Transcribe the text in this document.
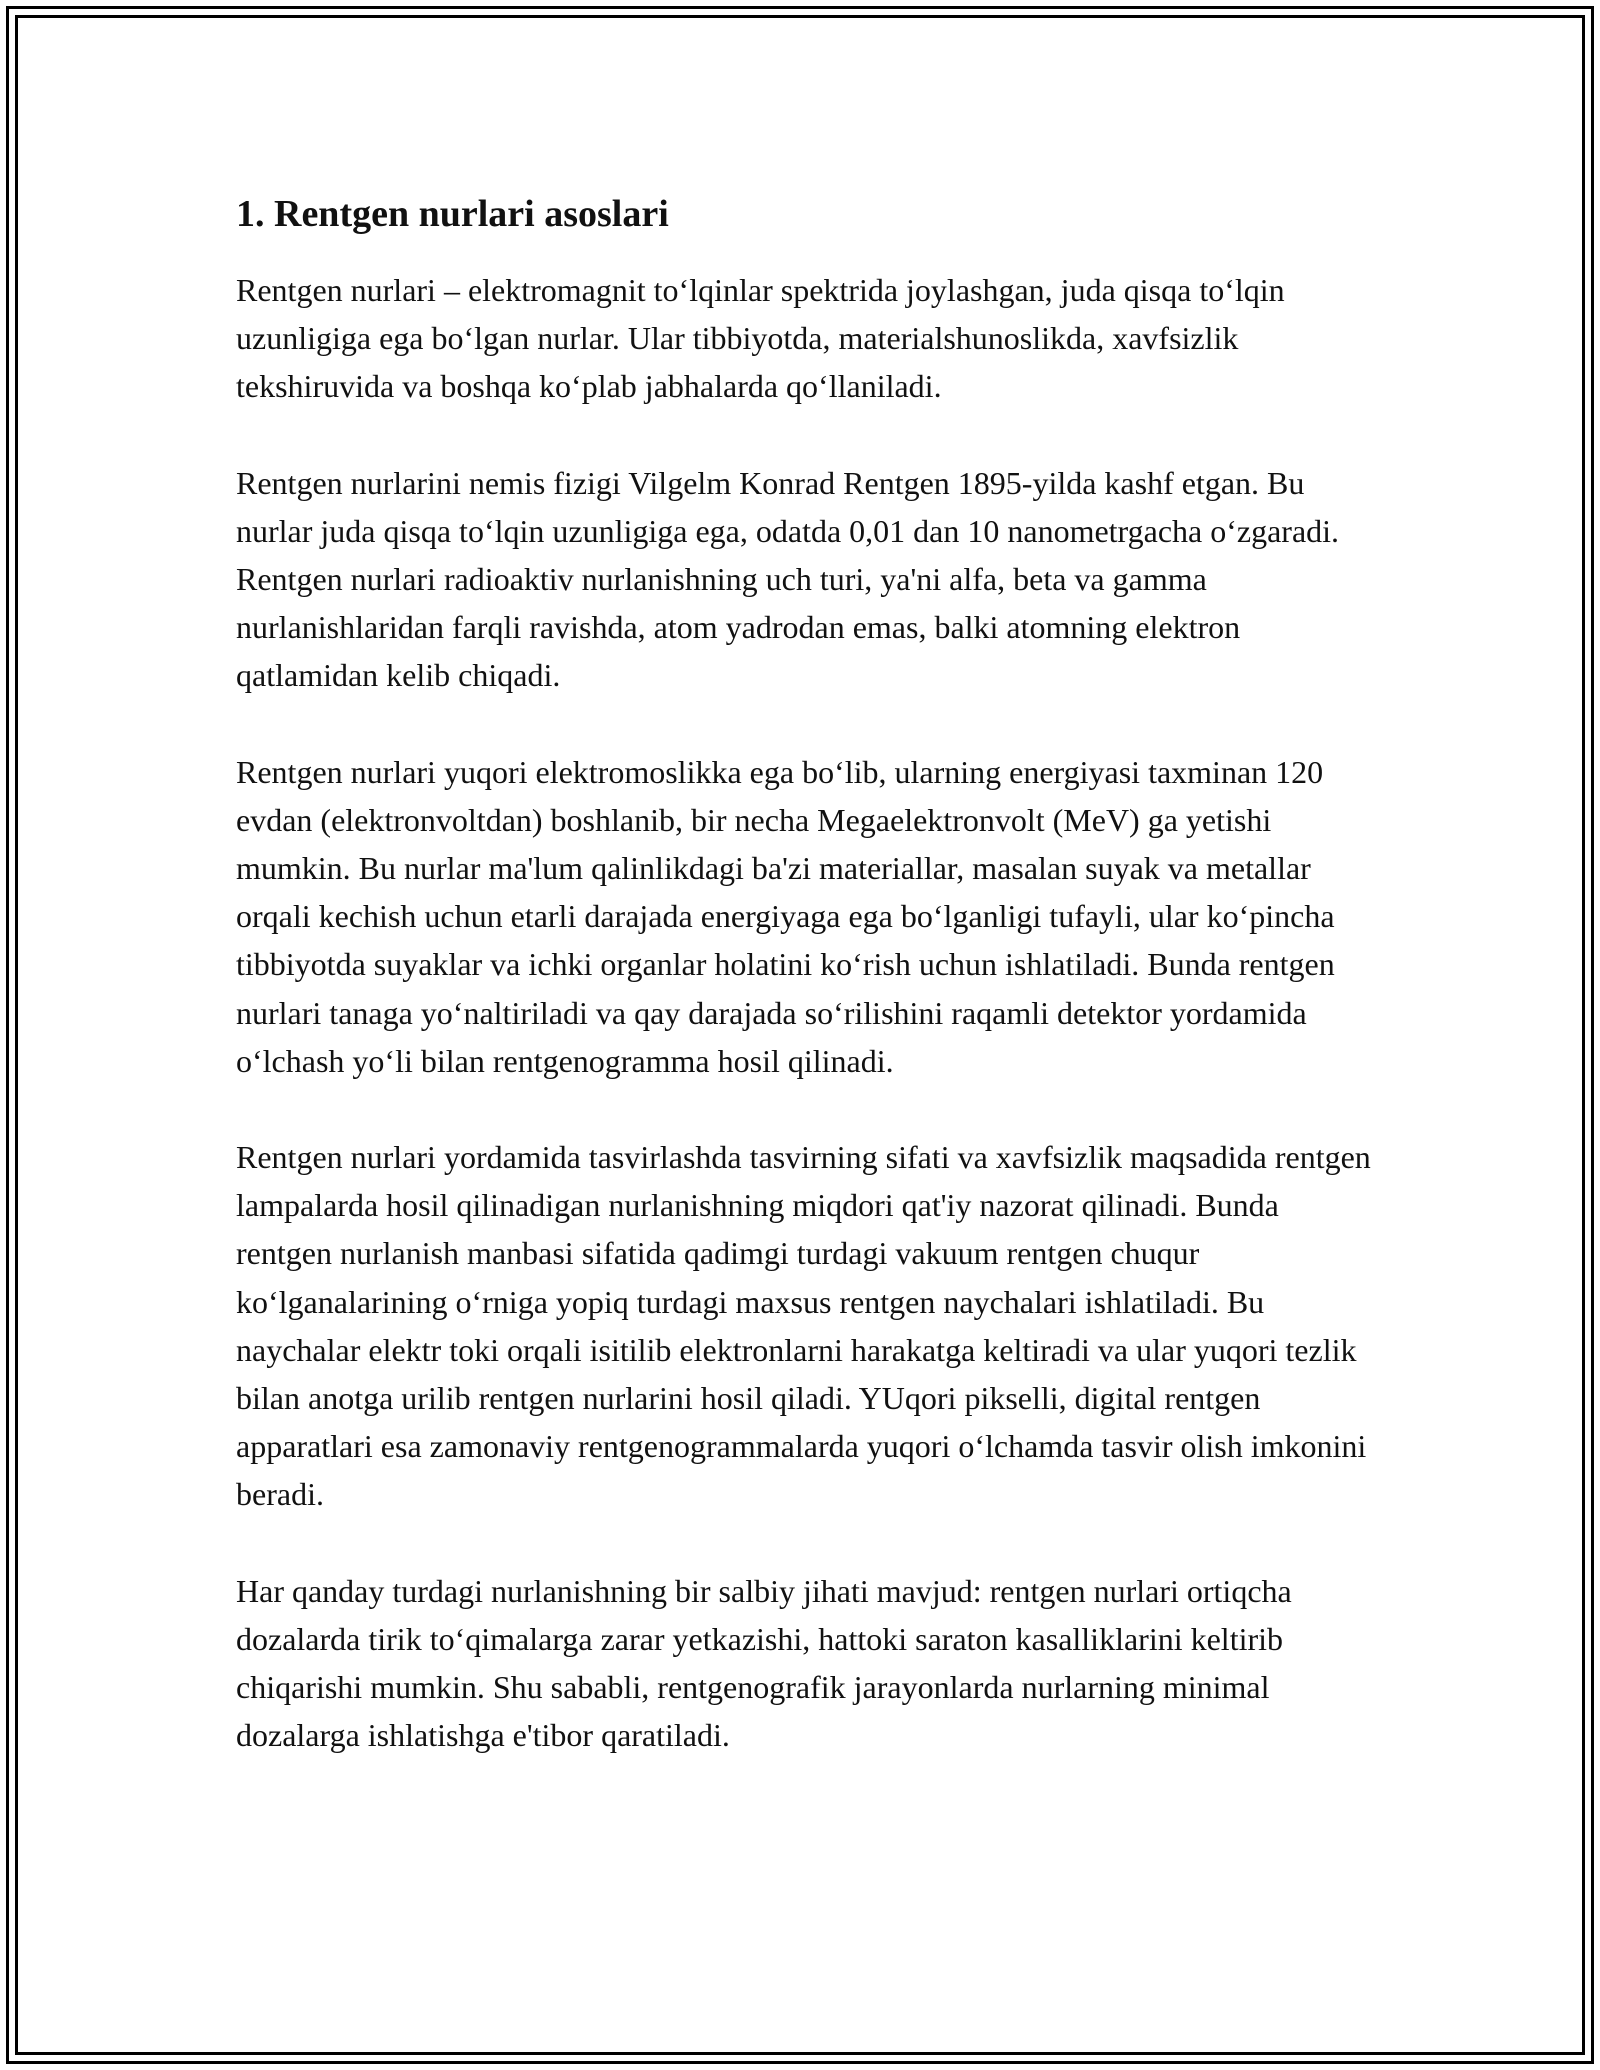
1. Rentgen nurlari asoslari

Rentgen nurlari – elektromagnit to‘lqinlar spektrida joylashgan, juda qisqa to‘lqin uzunligiga ega bo‘lgan nurlar. Ular tibbiyotda, materialshunoslikda, xavfsizlik tekshiruvida va boshqa ko‘plab jabhalarda qo‘llaniladi.

Rentgen nurlarini nemis fizigi Vilgelm Konrad Rentgen 1895-yilda kashf etgan. Bu nurlar juda qisqa to‘lqin uzunligiga ega, odatda 0,01 dan 10 nanometrgacha o‘zgaradi. Rentgen nurlari radioaktiv nurlanishning uch turi, ya'ni alfa, beta va gamma nurlanishlaridan farqli ravishda, atom yadrodan emas, balki atomning elektron qatlamidan kelib chiqadi.

Rentgen nurlari yuqori elektromoslikka ega bo‘lib, ularning energiyasi taxminan 120 evdan (elektronvoltdan) boshlanib, bir necha Megaelektronvolt (MeV) ga yetishi mumkin. Bu nurlar ma'lum qalinlikdagi ba'zi materiallar, masalan suyak va metallar orqali kechish uchun etarli darajada energiyaga ega bo‘lganligi tufayli, ular ko‘pincha tibbiyotda suyaklar va ichki organlar holatini ko‘rish uchun ishlatiladi. Bunda rentgen nurlari tanaga yo‘naltiriladi va qay darajada so‘rilishini raqamli detektor yordamida o‘lchash yo‘li bilan rentgenogramma hosil qilinadi.

Rentgen nurlari yordamida tasvirlashda tasvirning sifati va xavfsizlik maqsadida rentgen lampalarda hosil qilinadigan nurlanishning miqdori qat'iy nazorat qilinadi. Bunda rentgen nurlanish manbasi sifatida qadimgi turdagi vakuum rentgen chuqur ko‘lganalarining o‘rniga yopiq turdagi maxsus rentgen naychalari ishlatiladi. Bu naychalar elektr toki orqali isitilib elektronlarni harakatga keltiradi va ular yuqori tezlik bilan anotga urilib rentgen nurlarini hosil qiladi. YUqori pikselli, digital rentgen apparatlari esa zamonaviy rentgenogrammalarda yuqori o‘lchamda tasvir olish imkonini beradi.

Har qanday turdagi nurlanishning bir salbiy jihati mavjud: rentgen nurlari ortiqcha dozalarda tirik to‘qimalarga zarar yetkazishi, hattoki saraton kasalliklarini keltirib chiqarishi mumkin. Shu sababli, rentgenografik jarayonlarda nurlarning minimal dozalarga ishlatishga e'tibor qaratiladi.
